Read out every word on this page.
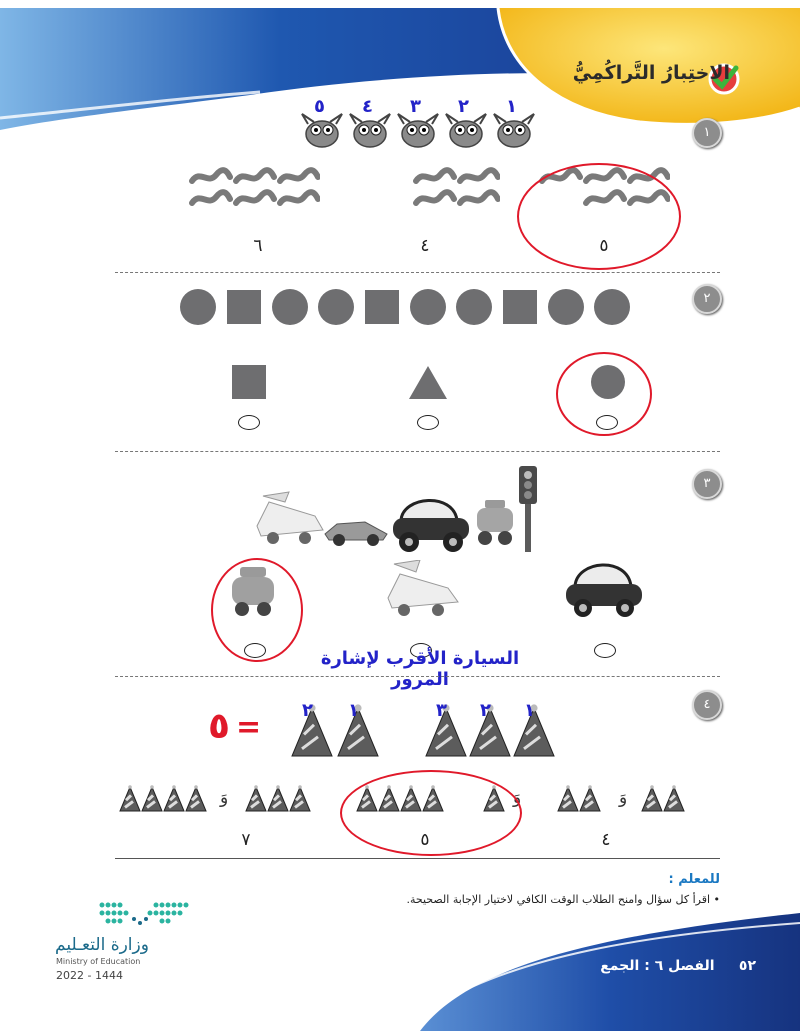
الاختِبارُ التَّراكُمِيُّ
١
٥ ٤ ٣ ٢ ١
٦	٤	٥
٢
٣
السيارة الأقرب لإشارة المرور
٤
٥ =
وَ	وَ	وَ
٧	٥	٤
للمعلم :
• اقرأ كل سؤال وامنح الطلاب الوقت الكافي لاختيار الإجابة الصحيحة.
٥٢     الفصل ٦ : الجمع
وزارة التعـليم
Ministry of Education
2022 - 1444
٢ ١	٣ ٢ ١
